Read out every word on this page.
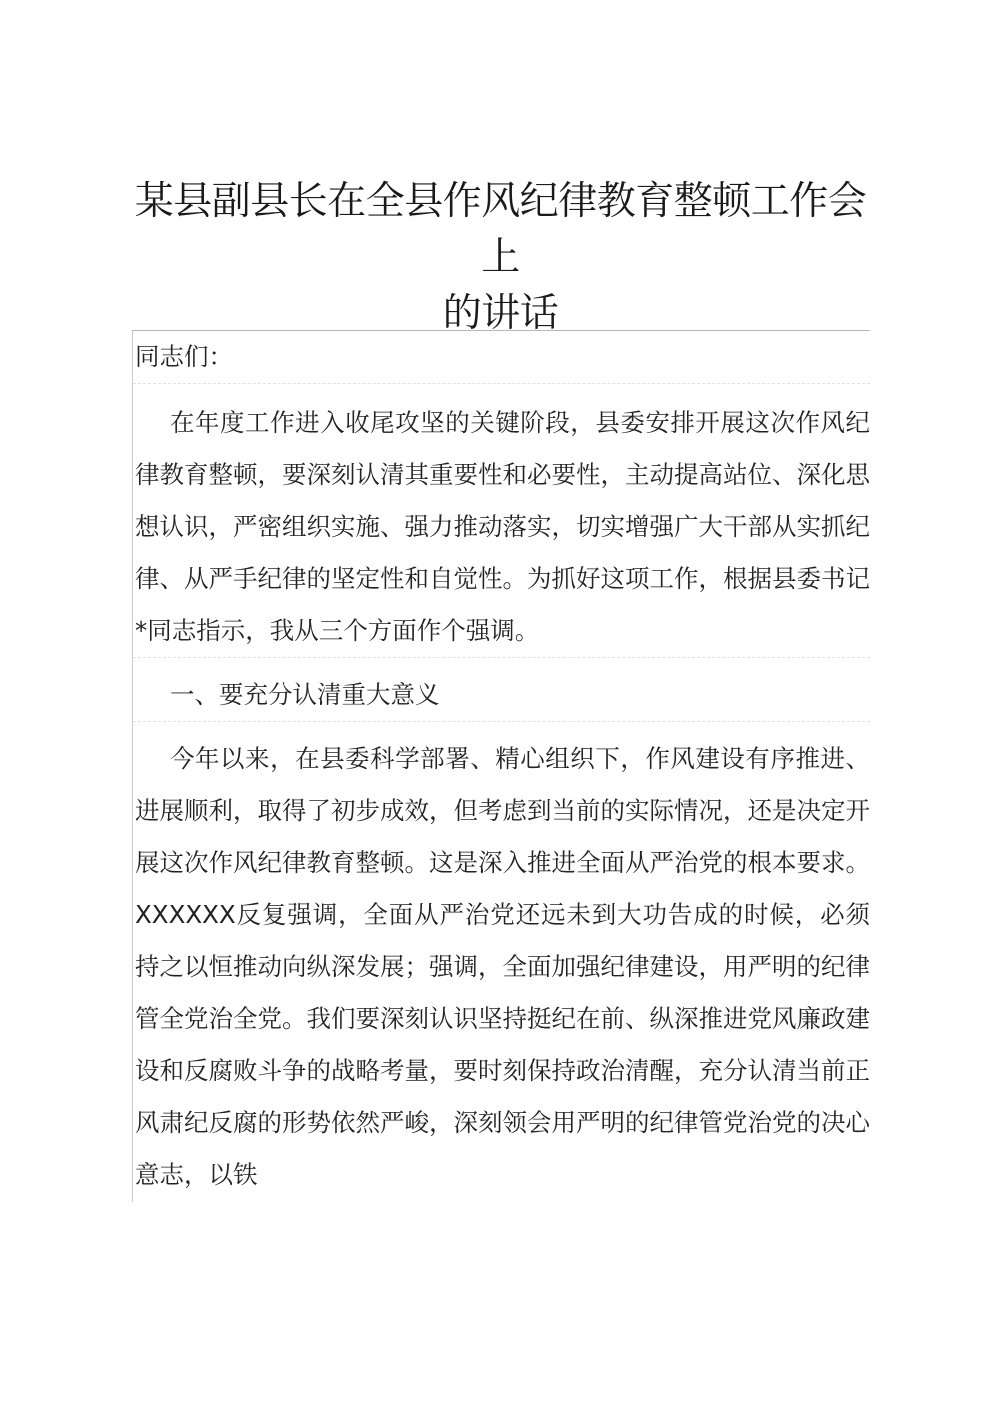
某县副县长在全县作风纪律教育整顿工作会上
的讲话

同志们：

在年度工作进入收尾攻坚的关键阶段，县委安排开展这次作风纪律教育整顿，要深刻认清其重要性和必要性，主动提高站位、深化思想认识，严密组织实施、强力推动落实，切实增强广大干部从实抓纪律、从严手纪律的坚定性和自觉性。为抓好这项工作，根据县委书记*同志指示，我从三个方面作个强调。

一、要充分认清重大意义

今年以来，在县委科学部署、精心组织下，作风建设有序推进、进展顺利，取得了初步成效，但考虑到当前的实际情况，还是决定开展这次作风纪律教育整顿。这是深入推进全面从严治党的根本要求。XXXXXX反复强调，全面从严治党还远未到大功告成的时候，必须持之以恒推动向纵深发展；强调，全面加强纪律建设，用严明的纪律管全党治全党。我们要深刻认识坚持挺纪在前、纵深推进党风廉政建设和反腐败斗争的战略考量，要时刻保持政治清醒，充分认清当前正风肃纪反腐的形势依然严峻，深刻领会用严明的纪律管党治党的决心意志，以铁
